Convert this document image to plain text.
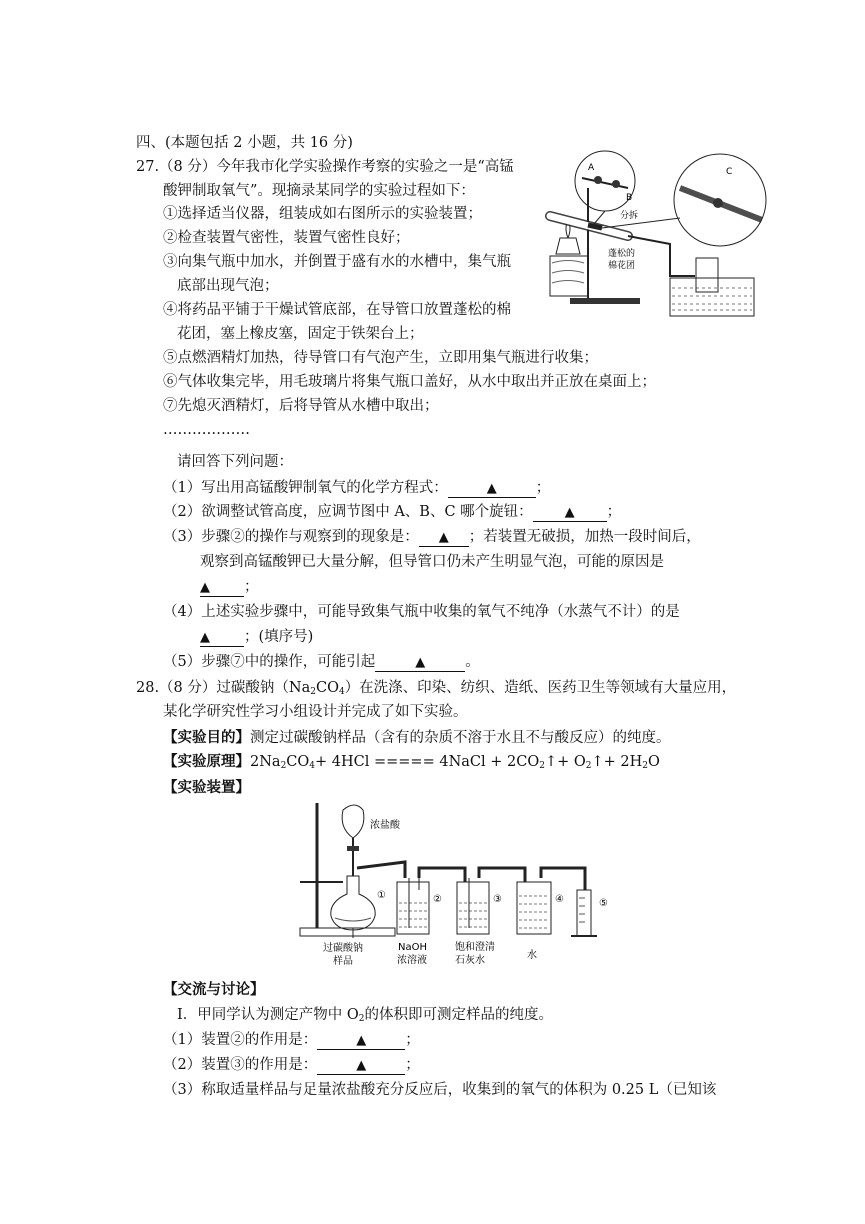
四、(本题包括 2 小题，共 16 分)
27.（8 分）今年我市化学实验操作考察的实验之一是“高锰
酸钾制取氧气”。现摘录某同学的实验过程如下：
①选择适当仪器，组装成如右图所示的实验装置；
②检查装置气密性，装置气密性良好；
③向集气瓶中加水，并倒置于盛有水的水槽中，集气瓶
底部出现气泡；
④将药品平铺于干燥试管底部，在导管口放置蓬松的棉
花团，塞上橡皮塞，固定于铁架台上；
⑤点燃酒精灯加热，待导管口有气泡产生，立即用集气瓶进行收集；
⑥气体收集完毕，用毛玻璃片将集气瓶口盖好，从水中取出并正放在桌面上；
⑦先熄灭酒精灯，后将导管从水槽中取出；
………………
A
B
C
分拆
蓬松的
棉花团
请回答下列问题：
（1）写出用高锰酸钾制氧气的化学方程式：	▲	；
（2）欲调整试管高度，应调节图中 A、B、C 哪个旋钮： ▲ ；
（3）步骤②的操作与观察到的现象是： ▲ ；若装置无破损，加热一段时间后，
观察到高锰酸钾已大量分解，但导管口仍未产生明显气泡，可能的原因是
▲ ；
（4）上述实验步骤中，可能导致集气瓶中收集的氧气不纯净（水蒸气不计）的是
▲ ；(填序号)
（5）步骤⑦中的操作，可能引起	▲	。
28.（8 分）过碳酸钠$(Na_2CO_4)$在洗涤、印染、纺织、造纸、医药卫生等领域有大量应用，
某化学研究性学习小组设计并完成了如下实验。
【实验目的】测定过碳酸钠样品（含有的杂质不溶于水且不与酸反应）的纯度。
【实验原理】$2Na_2CO_4+ 4HCl$ ===== 4NaCl + $2CO_2↑+$ $O_2↑+ 2H_2O$
【实验装置】
浓盐酸
①
过碳酸钠
样品
②
NaOH
浓溶液
③
饱和澄清
石灰水
④
水
⑤
【交流与讨论】
Ⅰ．甲同学认为测定产物中 $O_2$的体积即可测定样品的纯度。
（1）装置②的作用是：	▲	；
（2）装置③的作用是：	▲	；
（3）称取适量样品与足量浓盐酸充分反应后，收集到的氧气的体积为 0.25 L（已知该
